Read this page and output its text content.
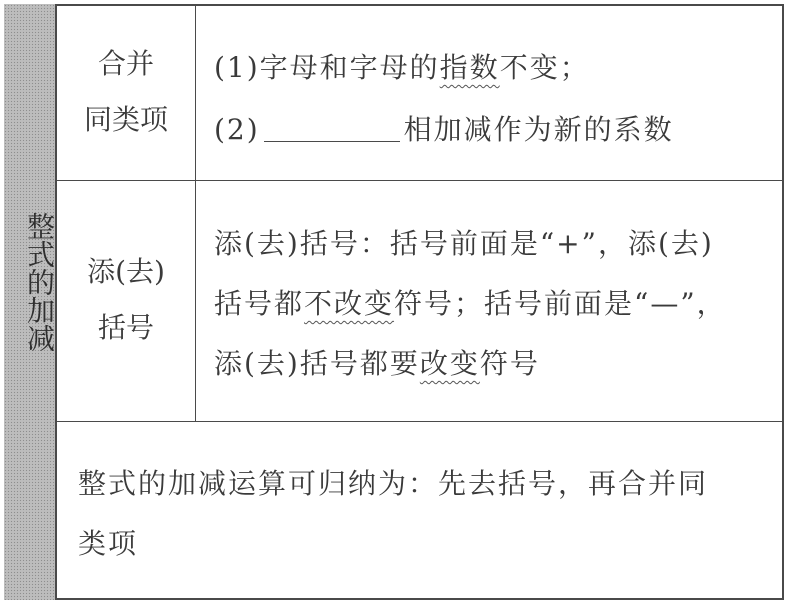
整式的加减
合并
同类项
(1)字母和字母的指数不变；
(2)	相加减作为新的系数
添(去)
括号
添(去)括号：括号前面是“+”，添(去)
括号都不改变符号；括号前面是“—”，
添(去)括号都要改变符号
整式的加减运算可归纳为：先去括号，再合并同
类项
